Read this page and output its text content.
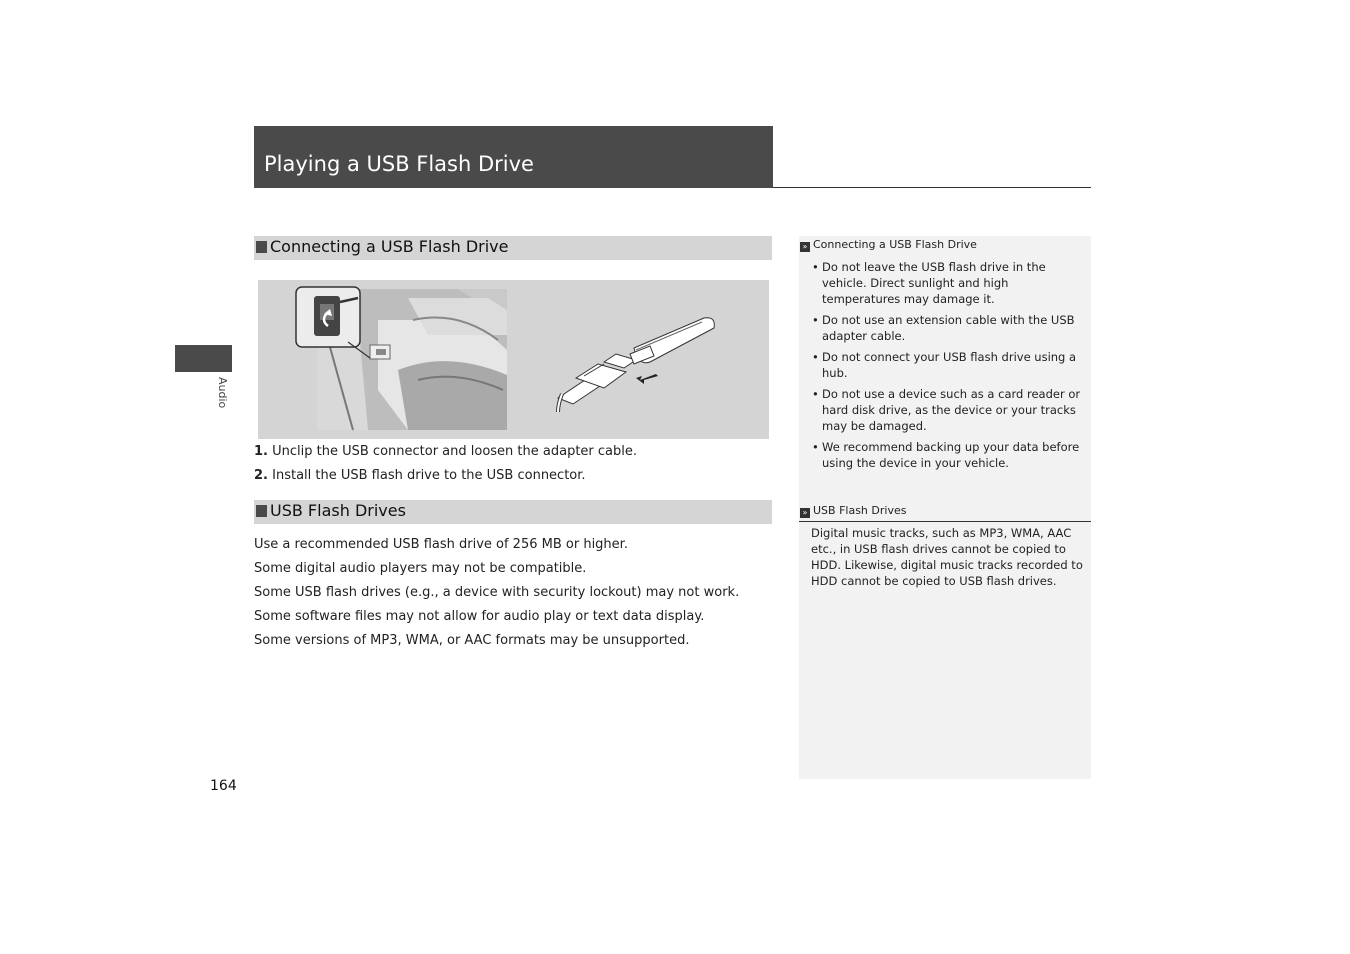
Playing a USB Flash Drive
Audio
Connecting a USB Flash Drive
1. Unclip the USB connector and loosen the adapter cable.
2. Install the USB flash drive to the USB connector.
USB Flash Drives
Use a recommended USB flash drive of 256 MB or higher.
Some digital audio players may not be compatible.
Some USB flash drives (e.g., a device with security lockout) may not work.
Some software files may not allow for audio play or text data display.
Some versions of MP3, WMA, or AAC formats may be unsupported.
» Connecting a USB Flash Drive
• Do not leave the USB flash drive in the vehicle. Direct sunlight and high temperatures may damage it.
• Do not use an extension cable with the USB adapter cable.
• Do not connect your USB flash drive using a hub.
• Do not use a device such as a card reader or hard disk drive, as the device or your tracks may be damaged.
• We recommend backing up your data before using the device in your vehicle.
» USB Flash Drives
Digital music tracks, such as MP3, WMA, AAC etc., in USB flash drives cannot be copied to HDD. Likewise, digital music tracks recorded to HDD cannot be copied to USB flash drives.
164
